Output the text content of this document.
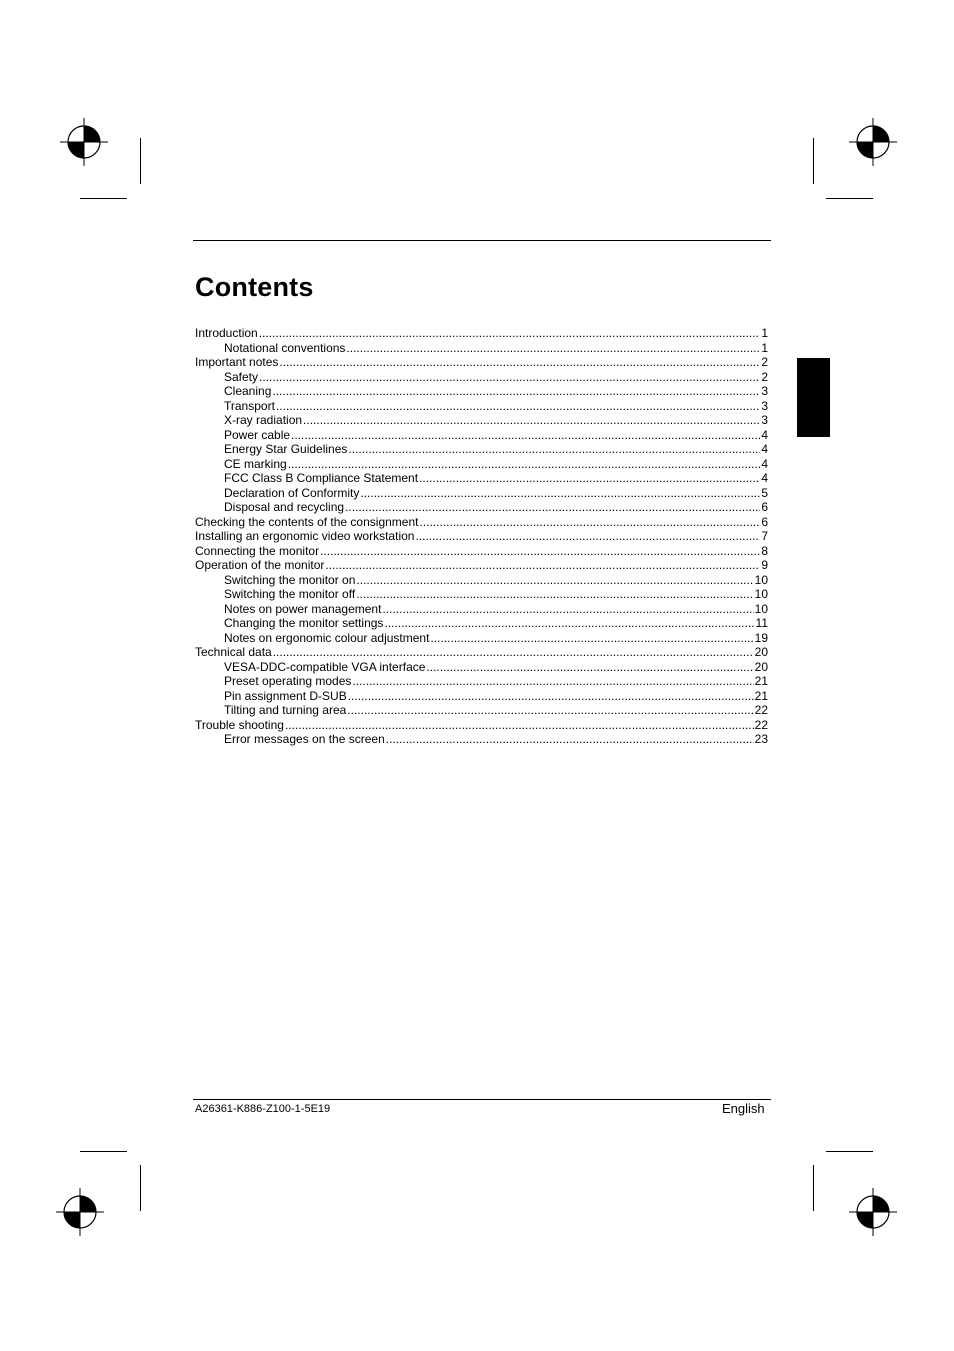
Contents
Introduction .....	1
Notational conventions .....	1
Important notes .....	2
Safety .....	2
Cleaning .....	3
Transport .....	3
X-ray radiation .....	3
Power cable .....	4
Energy Star Guidelines .....	4
CE marking .....	4
FCC Class B Compliance Statement .....	4
Declaration of Conformity .....	5
Disposal and recycling .....	6
Checking the contents of the consignment .....	6
Installing an ergonomic video workstation .....	7
Connecting the monitor .....	8
Operation of the monitor .....	9
Switching the monitor on .....	10
Switching the monitor off .....	10
Notes on power management .....	10
Changing the monitor settings .....	11
Notes on ergonomic colour adjustment .....	19
Technical data .....	20
VESA-DDC-compatible VGA interface .....	20
Preset operating modes .....	21
Pin assignment D-SUB .....	21
Tilting and turning area .....	22
Trouble shooting .....	22
Error messages on the screen .....	23
A26361-K886-Z100-1-5E19	English
